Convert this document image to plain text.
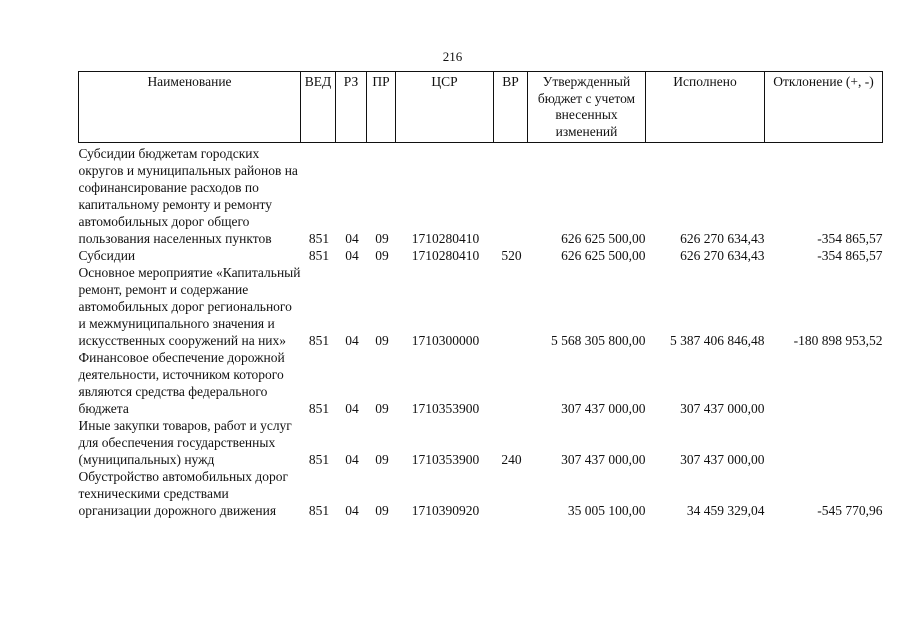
216
Наименование	ВЕД	РЗ	ПР	ЦСР	ВР	Утвержденный бюджет с учетом внесенных изменений	Исполнено	Отклонение (+, -)
Субсидии бюджетам городских округов и муниципальных районов на софинансирование расходов по капитальному ремонту и ремонту автомобильных дорог общего пользования населенных пунктов	851	04	09	1710280410		626 625 500,00	626 270 634,43	-354 865,57
Субсидии	851	04	09	1710280410	520	626 625 500,00	626 270 634,43	-354 865,57
Основное мероприятие «Капитальный ремонт, ремонт и содержание автомобильных дорог регионального и межмуниципального значения и искусственных сооружений на них»	851	04	09	1710300000		5 568 305 800,00	5 387 406 846,48	-180 898 953,52
Финансовое обеспечение дорожной деятельности, источником которого являются средства федерального бюджета	851	04	09	1710353900		307 437 000,00	307 437 000,00	
Иные закупки товаров, работ и услуг для обеспечения государственных (муниципальных) нужд	851	04	09	1710353900	240	307 437 000,00	307 437 000,00	
Обустройство автомобильных дорог техническими средствами организации дорожного движения	851	04	09	1710390920		35 005 100,00	34 459 329,04	-545 770,96
